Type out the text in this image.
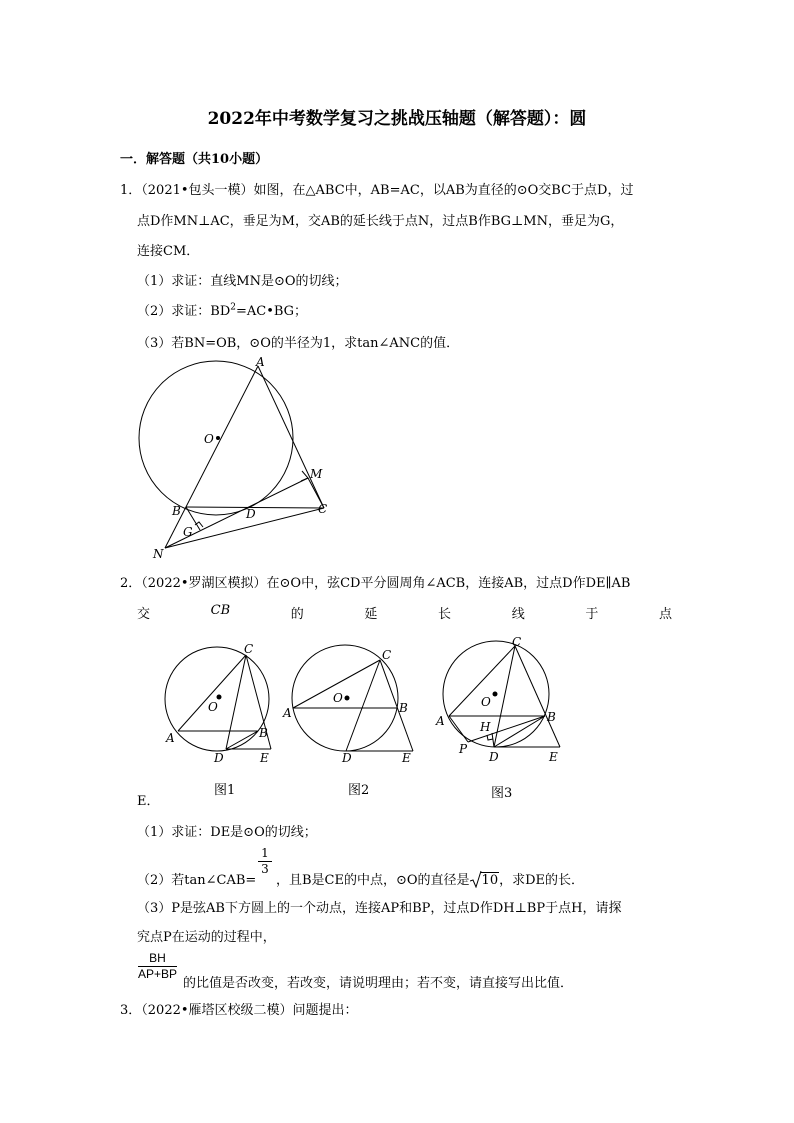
2022年中考数学复习之挑战压轴题（解答题）：圆
一．解答题（共10小题）
1．（2021•包头一模）如图，在△ABC中，AB=AC，以AB为直径的⊙O交BC于点D，过
点D作MN⊥AC，垂足为M，交AB的延长线于点N，过点B作BG⊥MN，垂足为G，
连接CM．
（1）求证：直线MN是⊙O的切线；
（2）求证：$BD^2=AC•BG$；
（3）若BN=OB，⊙O的半径为1，求tan∠ANC的值．
A
O
M
B	D	C
G
N
2．（2022•罗湖区模拟）在⊙O中，弦CD平分圆周角∠ACB，连接AB，过点D作DE∥AB
交	CB	的	延	长	线	于	点
C
O
A	B
D	E
图1
C
O
A	B
D	E
图2
C
O
A	B
H
P
D	E
图3
E．
（1）求证：DE是⊙O的切线；
（2）若tan∠CAB=
1
3
，且B是CE的中点，⊙O的直径是 10，求DE的长．
（3）P是弦AB下方圆上的一个动点，连接AP和BP，过点D作DH⊥BP于点H，请探
究点P在运动的过程中，
BH
AP+BP
的比值是否改变，若改变，请说明理由；若不变，请直接写出比值．
3．（2022•雁塔区校级二模）问题提出：
